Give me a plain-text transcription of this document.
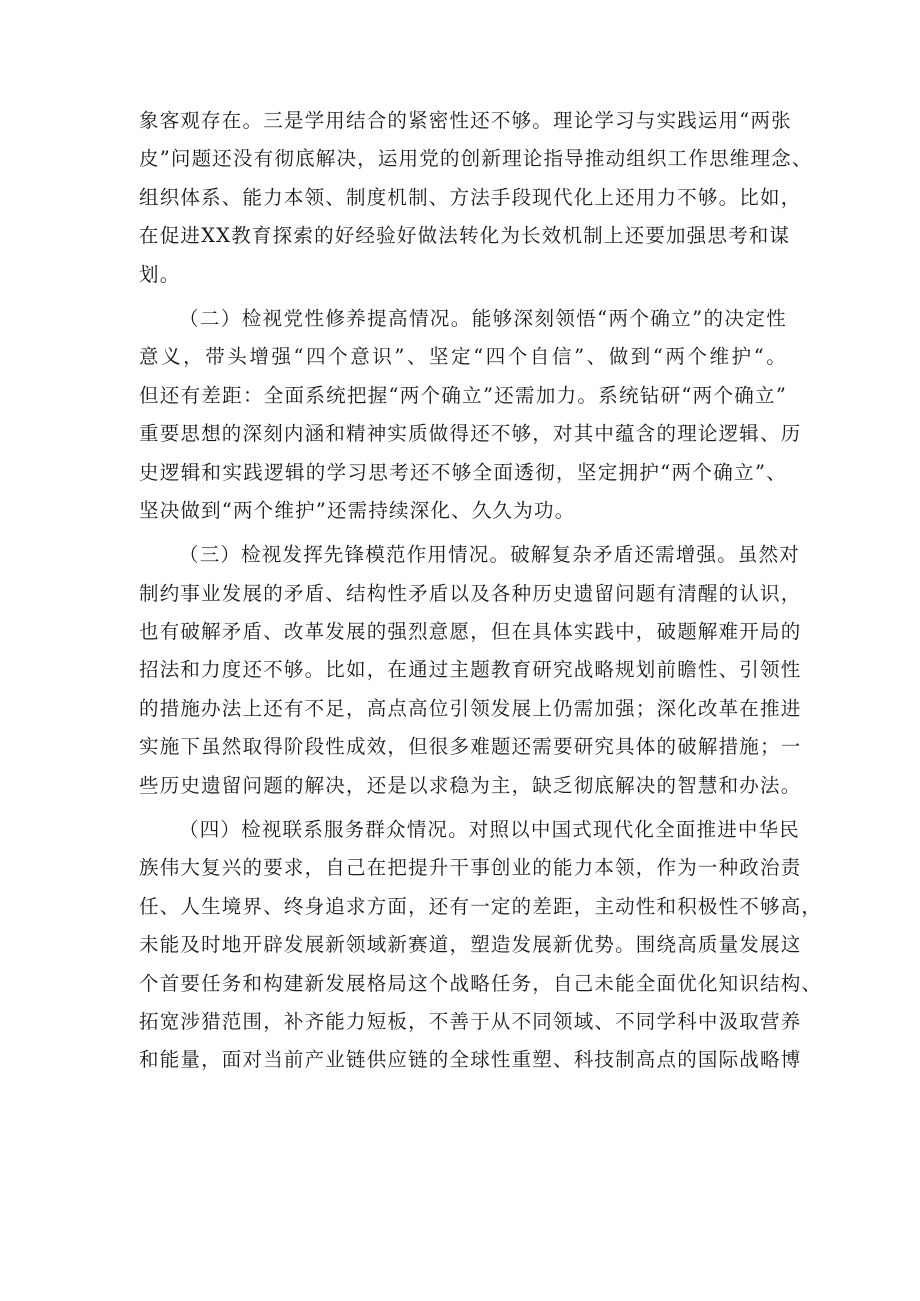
象客观存在。三是学用结合的紧密性还不够。理论学习与实践运用“两张
皮”问题还没有彻底解决，运用党的创新理论指导推动组织工作思维理念、
组织体系、能力本领、制度机制、方法手段现代化上还用力不够。比如，
在促进XX教育探索的好经验好做法转化为长效机制上还要加强思考和谋
划。
（二）检视党性修养提高情况。能够深刻领悟“两个确立”的决定性
意义，带头增强“四个意识”、坚定“四个自信”、做到“两个维护“。
但还有差距：全面系统把握“两个确立”还需加力。系统钻研“两个确立”
重要思想的深刻内涵和精神实质做得还不够，对其中蕴含的理论逻辑、历
史逻辑和实践逻辑的学习思考还不够全面透彻，坚定拥护“两个确立”、
坚决做到“两个维护”还需持续深化、久久为功。
（三）检视发挥先锋模范作用情况。破解复杂矛盾还需增强。虽然对
制约事业发展的矛盾、结构性矛盾以及各种历史遗留问题有清醒的认识，
也有破解矛盾、改革发展的强烈意愿，但在具体实践中，破题解难开局的
招法和力度还不够。比如，在通过主题教育研究战略规划前瞻性、引领性
的措施办法上还有不足，高点高位引领发展上仍需加强；深化改革在推进
实施下虽然取得阶段性成效，但很多难题还需要研究具体的破解措施；一
些历史遗留问题的解决，还是以求稳为主，缺乏彻底解决的智慧和办法。
（四）检视联系服务群众情况。对照以中国式现代化全面推进中华民
族伟大复兴的要求，自己在把提升干事创业的能力本领，作为一种政治责
任、人生境界、终身追求方面，还有一定的差距，主动性和积极性不够高，
未能及时地开辟发展新领域新赛道，塑造发展新优势。围绕高质量发展这
个首要任务和构建新发展格局这个战略任务，自己未能全面优化知识结构、
拓宽涉猎范围，补齐能力短板，不善于从不同领域、不同学科中汲取营养
和能量，面对当前产业链供应链的全球性重塑、科技制高点的国际战略博
